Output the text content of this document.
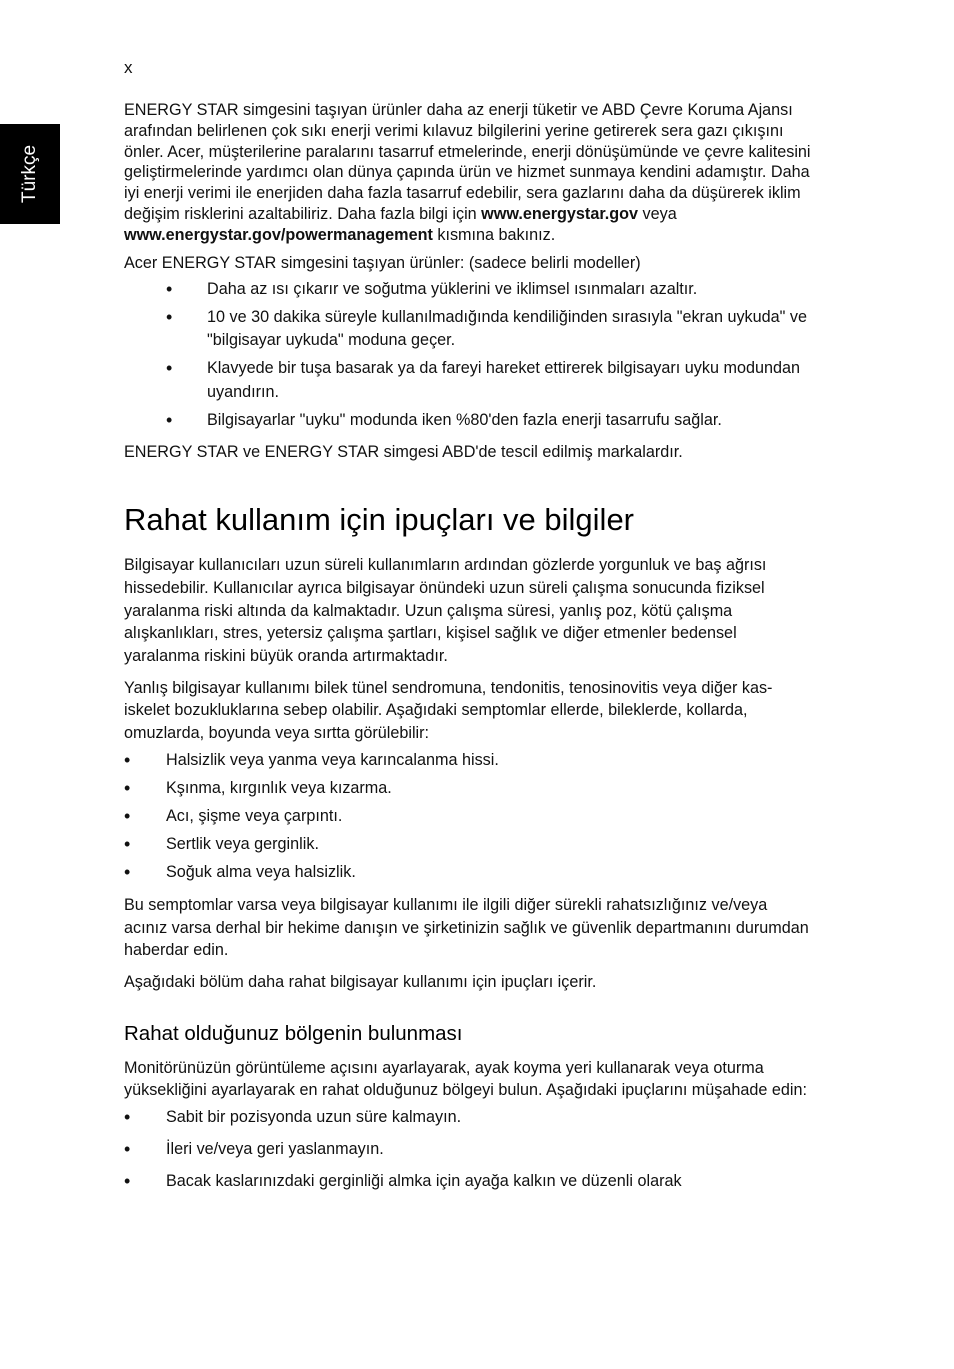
x
Türkçe

ENERGY STAR simgesini taşıyan ürünler daha az enerji tüketir ve ABD Çevre Koruma Ajansı arafından belirlenen çok sıkı enerji verimi kılavuz bilgilerini yerine getirerek sera gazı çıkışını önler. Acer, müşterilerine paralarını tasarruf etmelerinde, enerji dönüşümünde ve çevre kalitesini geliştirmelerinde yardımcı olan dünya çapında ürün ve hizmet sunmaya kendini adamıştır. Daha iyi enerji verimi ile enerjiden daha fazla tasarruf edebilir, sera gazlarını daha da düşürerek iklim değişim risklerini azaltabiliriz. Daha fazla bilgi için www.energystar.gov veya www.energystar.gov/powermanagement kısmına bakınız.

Acer ENERGY STAR simgesini taşıyan ürünler: (sadece belirli modeller)

• Daha az ısı çıkarır ve soğutma yüklerini ve iklimsel ısınmaları azaltır.
• 10 ve 30 dakika süreyle kullanılmadığında kendiliğinden sırasıyla "ekran uykuda" ve "bilgisayar uykuda" moduna geçer.
• Klavyede bir tuşa basarak ya da fareyi hareket ettirerek bilgisayarı uyku modundan uyandırın.
• Bilgisayarlar "uyku" modunda iken %80'den fazla enerji tasarrufu sağlar.

ENERGY STAR ve ENERGY STAR simgesi ABD'de tescil edilmiş markalardır.

Rahat kullanım için ipuçları ve bilgiler

Bilgisayar kullanıcıları uzun süreli kullanımların ardından gözlerde yorgunluk ve baş ağrısı hissedebilir. Kullanıcılar ayrıca bilgisayar önündeki uzun süreli çalışma sonucunda fiziksel yaralanma riski altında da kalmaktadır. Uzun çalışma süresi, yanlış poz, kötü çalışma alışkanlıkları, stres, yetersiz çalışma şartları, kişisel sağlık ve diğer etmenler bedensel yaralanma riskini büyük oranda artırmaktadır.

Yanlış bilgisayar kullanımı bilek tünel sendromuna, tendonitis, tenosinovitis veya diğer kas-iskelet bozukluklarına sebep olabilir. Aşağıdaki semptomlar ellerde, bileklerde, kollarda, omuzlarda, boyunda veya sırtta görülebilir:

• Halsizlik veya yanma veya karıncalanma hissi.
• Kşınma, kırgınlık veya kızarma.
• Acı, şişme veya çarpıntı.
• Sertlik veya gerginlik.
• Soğuk alma veya halsizlik.

Bu semptomlar varsa veya bilgisayar kullanımı ile ilgili diğer sürekli rahatsızlığınız ve/veya acınız varsa derhal bir hekime danışın ve şirketinizin sağlık ve güvenlik departmanını durumdan haberdar edin.

Aşağıdaki bölüm daha rahat bilgisayar kullanımı için ipuçları içerir.

Rahat olduğunuz bölgenin bulunması

Monitörünüzün görüntüleme açısını ayarlayarak, ayak koyma yeri kullanarak veya oturma yüksekliğini ayarlayarak en rahat olduğunuz bölgeyi bulun. Aşağıdaki ipuçlarını müşahade edin:

• Sabit bir pozisyonda uzun süre kalmayın.
• İleri ve/veya geri yaslanmayın.
• Bacak kaslarınızdaki gerginliği almka için ayağa kalkın ve düzenli olarak
